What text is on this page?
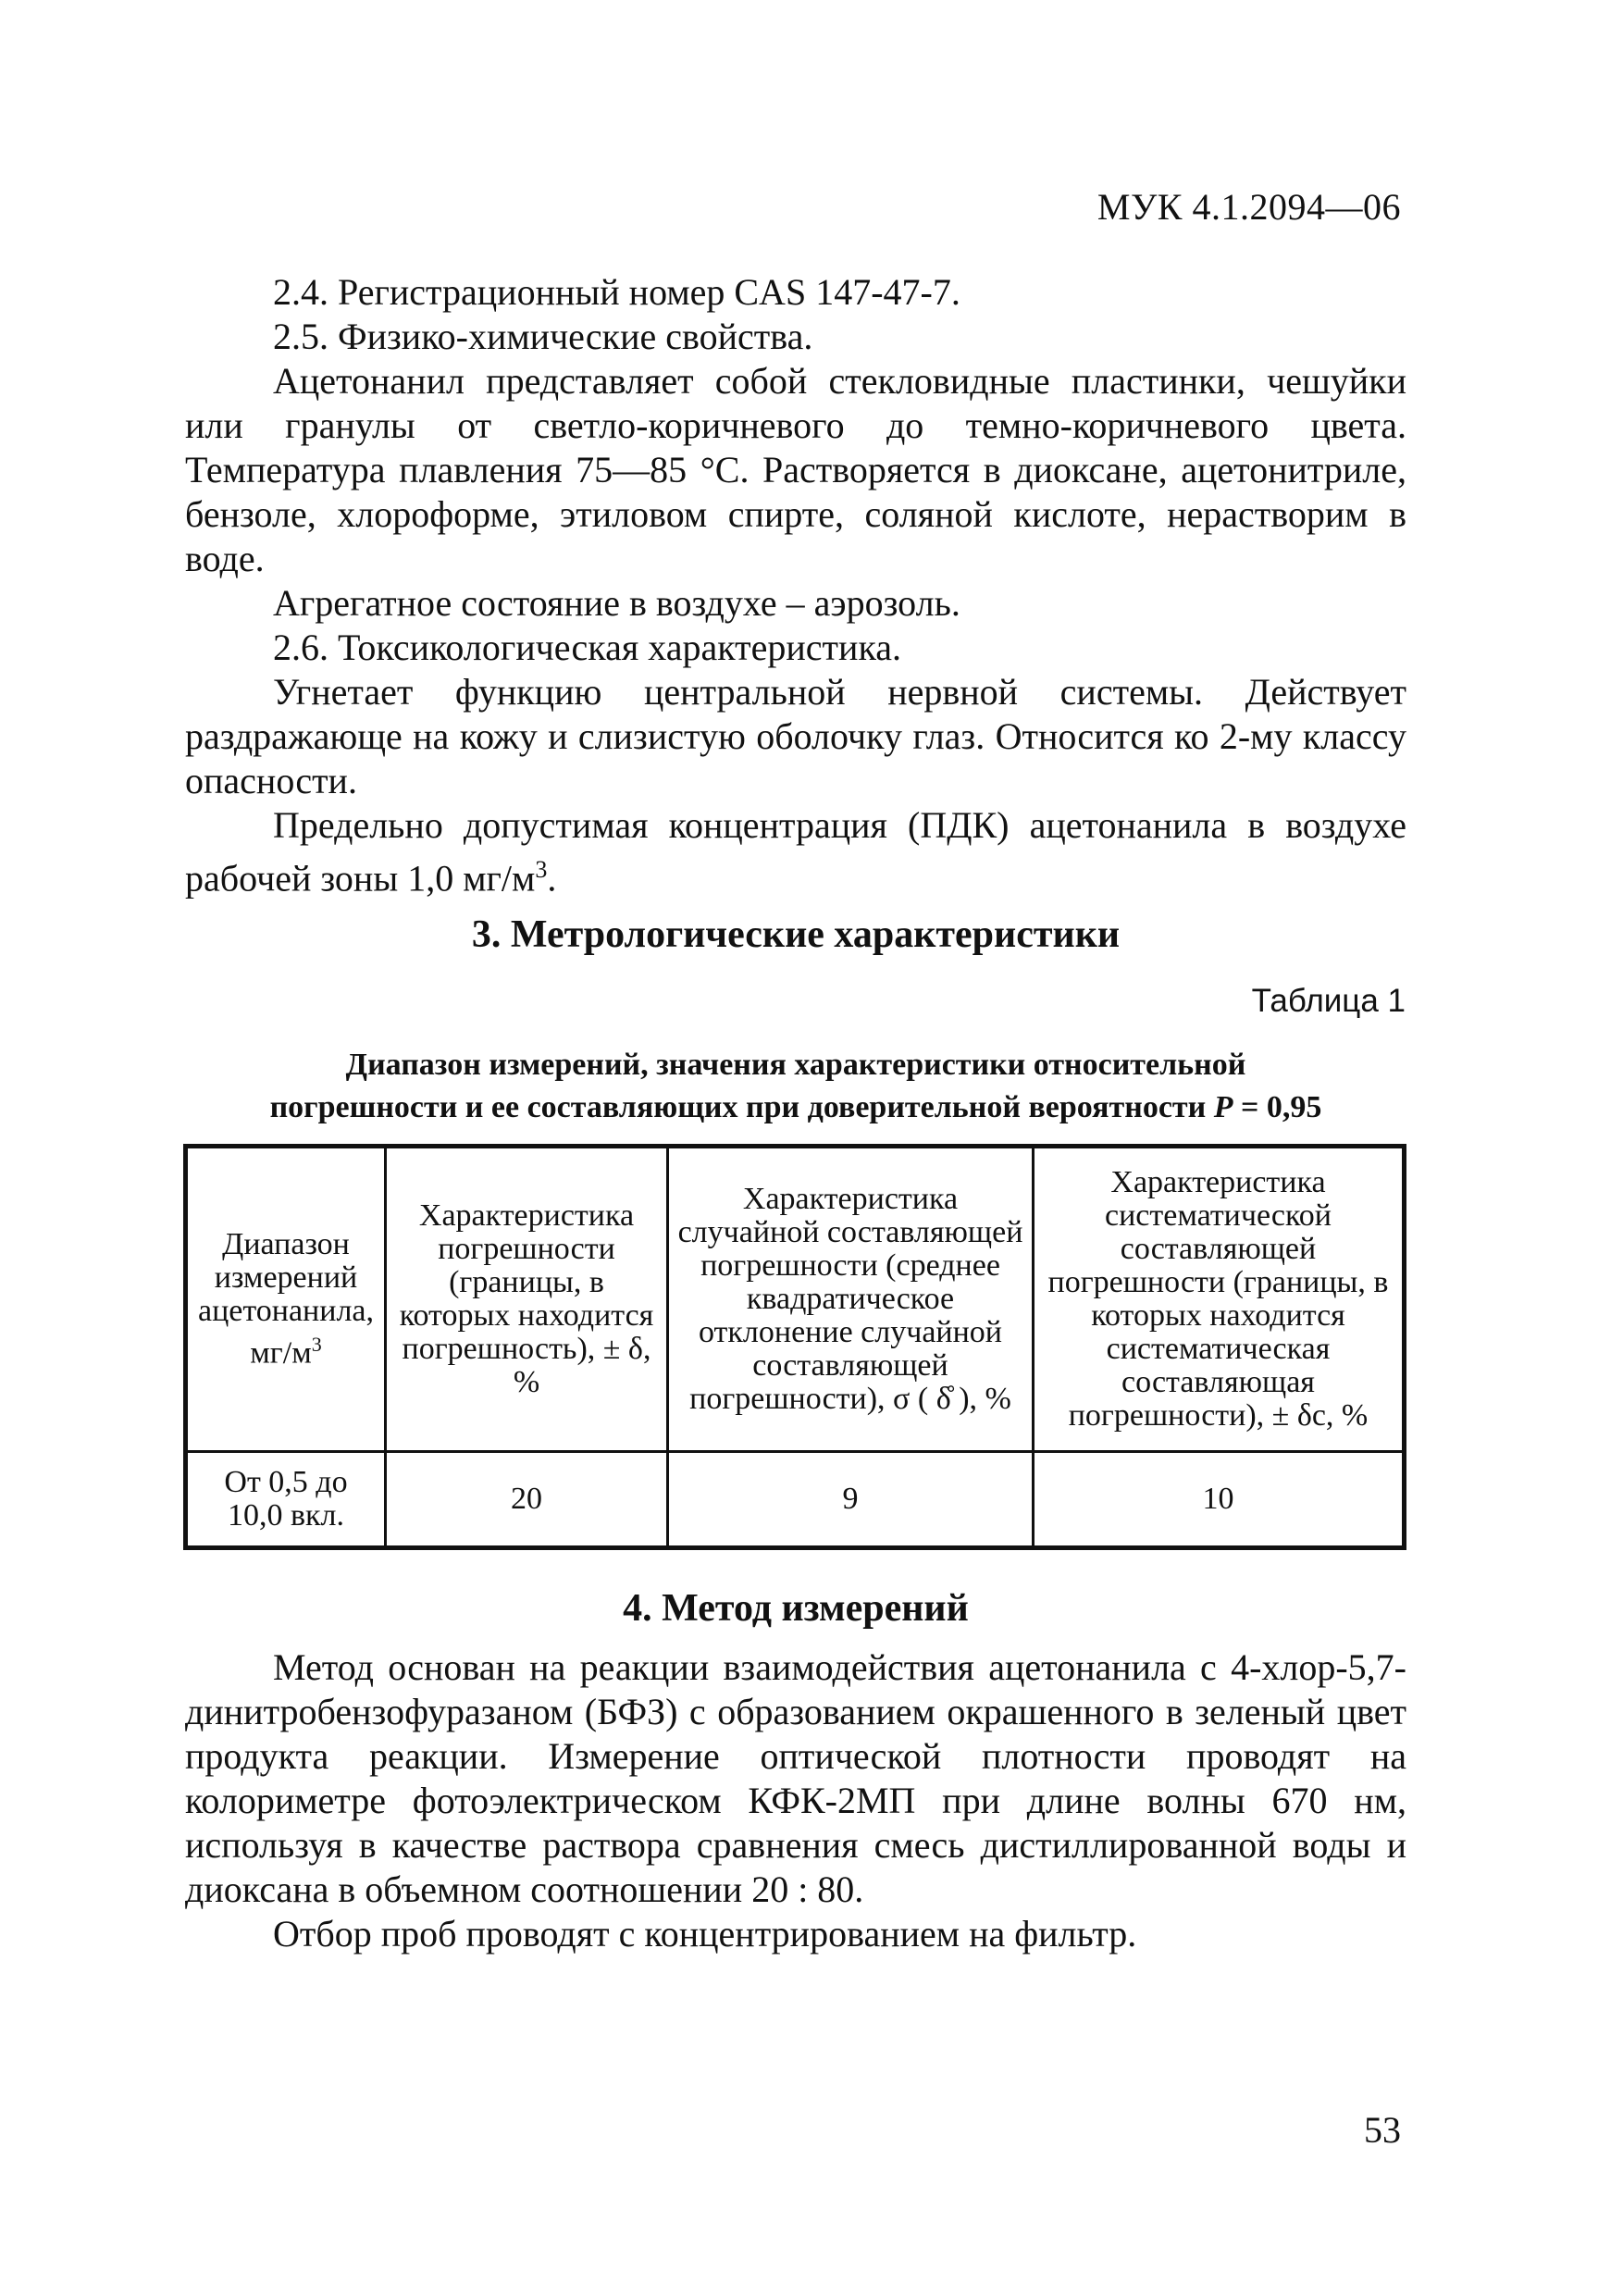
МУК 4.1.2094—06

2.4. Регистрационный номер CAS 147-47-7.

2.5. Физико-химические свойства.

Ацетонанил представляет собой стекловидные пластинки, чешуйки или гранулы от светло-коричневого до темно-коричневого цвета. Температура плавления 75—85 °С. Растворяется в диоксане, ацетонитриле, бензоле, хлороформе, этиловом спирте, соляной кислоте, нерастворим в воде.

Агрегатное состояние в воздухе – аэрозоль.

2.6. Токсикологическая характеристика.

Угнетает функцию центральной нервной системы. Действует раздражающе на кожу и слизистую оболочку глаз. Относится ко 2-му классу опасности.

Предельно допустимая концентрация (ПДК) ацетонанила в воздухе рабочей зоны 1,0 $мг/м^3$.

3. Метрологические характеристики
Таблица 1
Диапазон измерений, значения характеристики относительной
погрешности и ее составляющих при доверительной вероятности P = 0,95
Диапазон измерений ацетонанила, $мг/м^3$	Характеристика погрешности (границы, в которых находится погрешность), ± δ, %	Характеристика случайной составляющей погрешности (среднее квадратическое отклонение случайной составляющей погрешности), σ ( δ̊ ), %	Характеристика систематической составляющей погрешности (границы, в которых находится систематическая составляющая погрешности), ± δc, %
От 0,5 до 10,0 вкл.	20	9	10
4. Метод измерений

Метод основан на реакции взаимодействия ацетонанила с 4-хлор-5,7-динитробензофуразаном (БФЗ) с образованием окрашенного в зеленый цвет продукта реакции. Измерение оптической плотности проводят на колориметре фотоэлектрическом КФК-2МП при длине волны 670 нм, используя в качестве раствора сравнения смесь дистиллированной воды и диоксана в объемном соотношении 20 : 80.

Отбор проб проводят с концентрированием на фильтр.

53
